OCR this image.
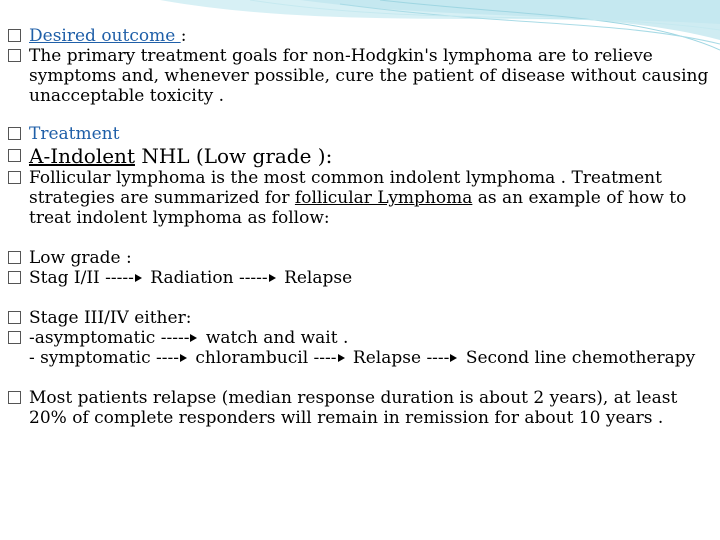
Desired outcome :

The primary treatment goals for non-Hodgkin's lymphoma are to relieve symptoms and, whenever possible, cure the patient of disease without causing unacceptable toxicity .

Treatment

A-Indolent NHL (Low grade ):

Follicular lymphoma is the most common indolent lymphoma . Treatment strategies are summarized for follicular Lymphoma as an example of how to treat indolent lymphoma as follow:

Low grade :

Stag I/II ----- Radiation ----- Relapse

Stage III/IV either:

-asymptomatic ----- watch and wait .

- symptomatic ---- chlorambucil ---- Relapse ---- Second line chemotherapy

Most patients relapse (median response duration is about 2 years), at least 20% of complete responders will remain in remission for about 10 years .
